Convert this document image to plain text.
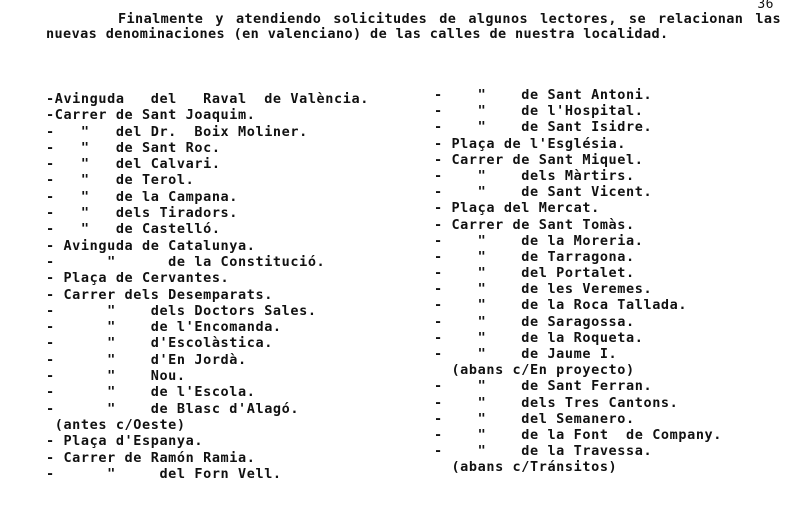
36

Finalmente y atendiendo solicitudes de algunos lectores, se relacionan las nuevas denominaciones (en valenciano) de las calles de nuestra localidad.

-Avinguda   del   Raval  de València.
-Carrer de Sant Joaquim.
-   "   del Dr.  Boix Moliner.
-   "   de Sant Roc.
-   "   del Calvari.
-   "   de Terol.
-   "   de la Campana.
-   "   dels Tiradors.
-   "   de Castelló.
- Avinguda de Catalunya.
-      "      de la Constitució.
- Plaça de Cervantes.
- Carrer dels Desemparats.
-      "    dels Doctors Sales.
-      "    de l'Encomanda.
-      "    d'Escolàstica.
-      "    d'En Jordà.
-      "    Nou.
-      "    de l'Escola.
-      "    de Blasc d'Alagó.
(antes c/Oeste)
- Plaça d'Espanya.
- Carrer de Ramón Ramia.
-      "     del Forn Vell.
-    "    de Sant Antoni.
-    "    de l'Hospital.
-    "    de Sant Isidre.
- Plaça de l'Església.
- Carrer de Sant Miquel.
-    "    dels Màrtirs.
-    "    de Sant Vicent.
- Plaça del Mercat.
- Carrer de Sant Tomàs.
-    "    de la Moreria.
-    "    de Tarragona.
-    "    del Portalet.
-    "    de les Veremes.
-    "    de la Roca Tallada.
-    "    de Saragossa.
-    "    de la Roqueta.
-    "    de Jaume I.
(abans c/En proyecto)
-    "    de Sant Ferran.
-    "    dels Tres Cantons.
-    "    del Semanero.
-    "    de la Font  de Company.
-    "    de la Travessa.
(abans c/Tránsitos)
